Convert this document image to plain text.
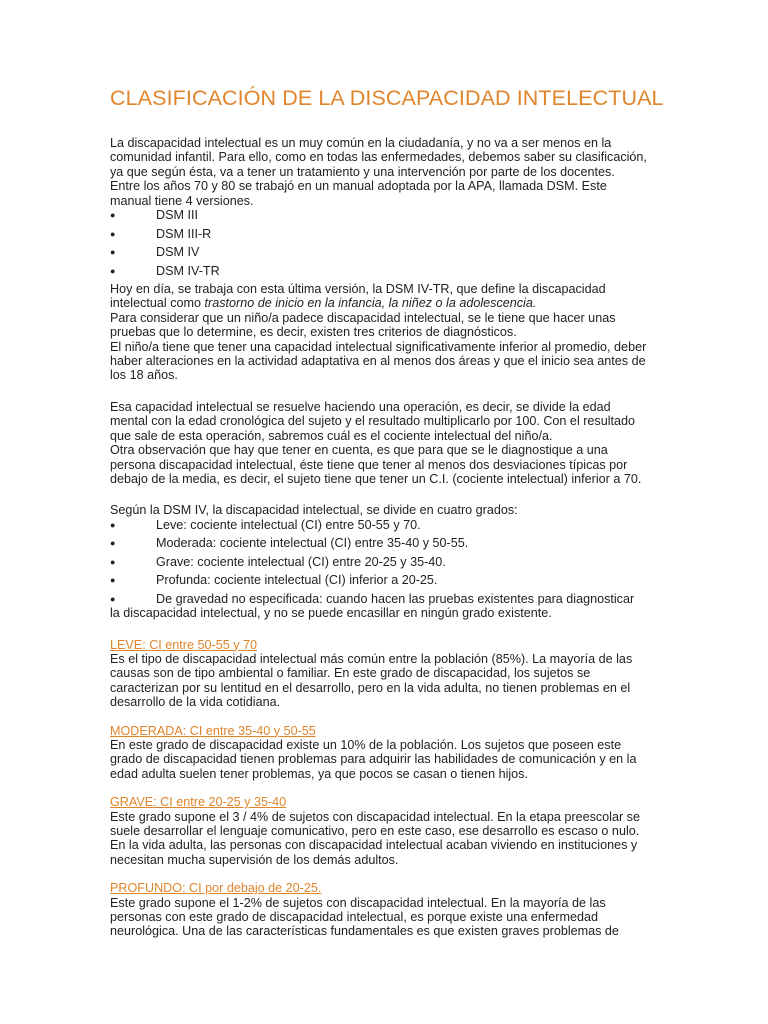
CLASIFICACIÓN DE LA DISCAPACIDAD INTELECTUAL

La discapacidad intelectual es un muy común en la ciudadanía, y no va a ser menos en la comunidad infantil. Para ello, como en todas las enfermedades, debemos saber su clasificación, ya que según ésta, va a tener un tratamiento y una intervención por parte de los docentes.

Entre los años 70 y 80 se trabajó en un manual adoptada por la APA, llamada DSM. Este manual tiene 4 versiones.

●	DSM III
●	DSM III-R
●	DSM IV
●	DSM IV-TR

Hoy en día, se trabaja con esta última versión, la DSM IV-TR, que define la discapacidad intelectual como trastorno de inicio en la infancia, la niñez o la adolescencia.

Para considerar que un niño/a padece discapacidad intelectual, se le tiene que hacer unas pruebas que lo determine, es decir, existen tres criterios de diagnósticos.

El niño/a tiene que tener una capacidad intelectual significativamente inferior al promedio, deber haber alteraciones en la actividad adaptativa en al menos dos áreas y que el inicio sea antes de los 18 años.

Esa capacidad intelectual se resuelve haciendo una operación, es decir, se divide la edad mental con la edad cronológica del sujeto y el resultado multiplicarlo por 100. Con el resultado que sale de esta operación, sabremos cuál es el cociente intelectual del niño/a.

Otra observación que hay que tener en cuenta, es que para que se le diagnostique a una persona discapacidad intelectual, éste tiene que tener al menos dos desviaciones típicas por debajo de la media, es decir, el sujeto tiene que tener un C.I. (cociente intelectual) inferior a 70.

Según la DSM IV, la discapacidad intelectual, se divide en cuatro grados:

●	Leve: cociente intelectual (CI) entre 50-55 y 70.
●	Moderada: cociente intelectual (CI) entre 35-40 y 50-55.
●	Grave: cociente intelectual (CI) entre 20-25 y 35-40.
●	Profunda: cociente intelectual (CI) inferior a 20-25.
●	De gravedad no especificada: cuando hacen las pruebas existentes para diagnosticar
la discapacidad intelectual, y no se puede encasillar en ningún grado existente.

LEVE: CI entre 50-55 y 70

Es el tipo de discapacidad intelectual más común entre la población (85%). La mayoría de las causas son de tipo ambiental o familiar. En este grado de discapacidad, los sujetos se caracterizan por su lentitud en el desarrollo, pero en la vida adulta, no tienen problemas en el desarrollo de la vida cotidiana.

MODERADA: CI entre 35-40 y 50-55

En este grado de discapacidad existe un 10% de la población. Los sujetos que poseen este grado de discapacidad tienen problemas para adquirir las habilidades de comunicación y en la edad adulta suelen tener problemas, ya que pocos se casan o tienen hijos.

GRAVE: CI entre 20-25 y 35-40

Este grado supone el 3 / 4% de sujetos con discapacidad intelectual. En la etapa preescolar se suele desarrollar el lenguaje comunicativo, pero en este caso, ese desarrollo es escaso o nulo. En la vida adulta, las personas con discapacidad intelectual acaban viviendo en instituciones y necesitan mucha supervisión de los demás adultos.

PROFUNDO: CI por debajo de 20-25.

Este grado supone el 1-2% de sujetos con discapacidad intelectual. En la mayoría de las personas con este grado de discapacidad intelectual, es porque existe una enfermedad neurológica. Una de las características fundamentales es que existen graves problemas de
